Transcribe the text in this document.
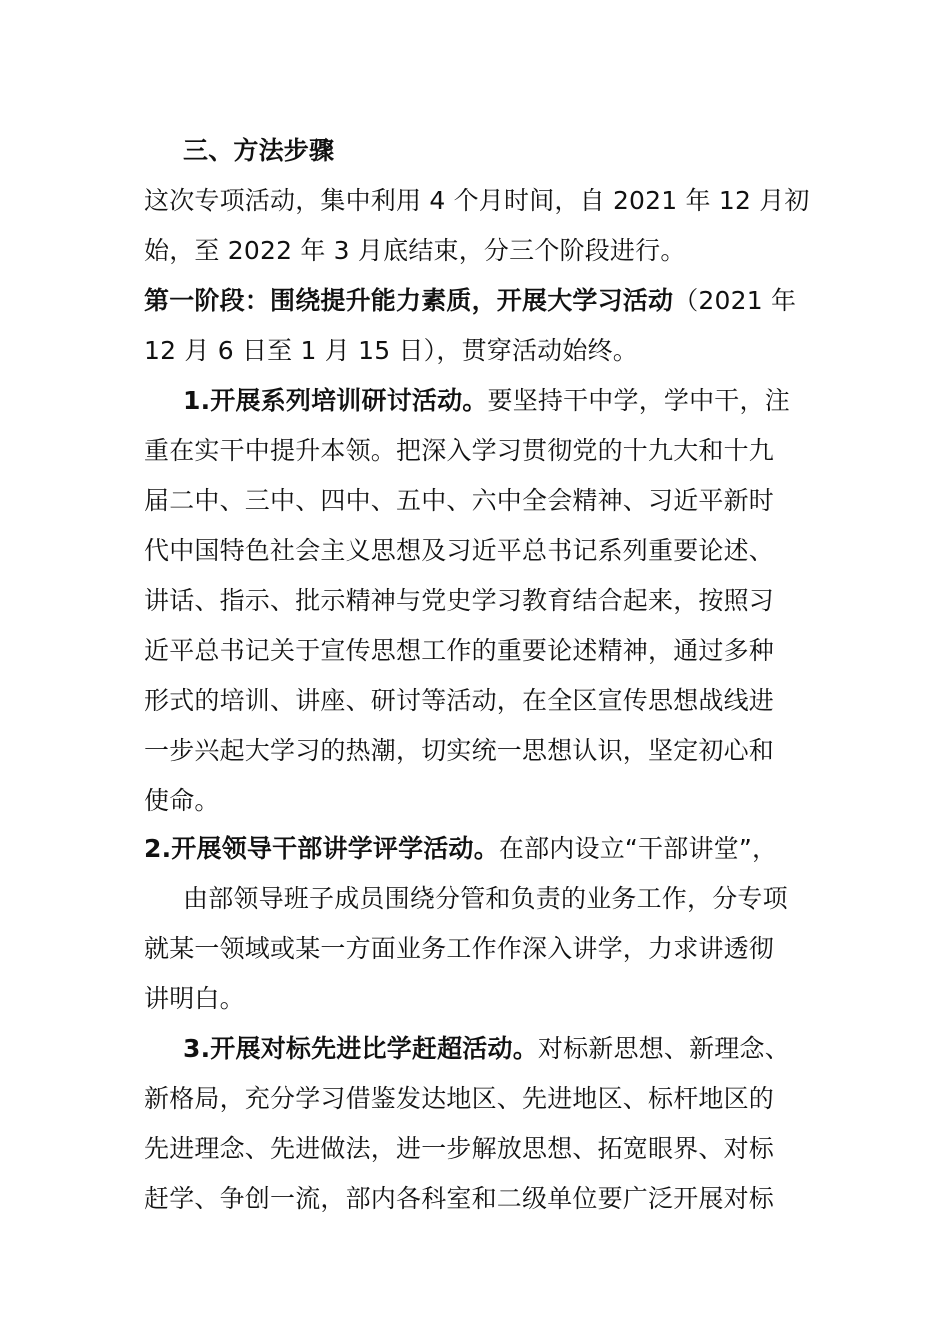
三、方法步骤
这次专项活动，集中利用 4 个月时间，自 2021 年 12 月初
始，至 2022 年 3 月底结束，分三个阶段进行。
第一阶段：围绕提升能力素质，开展大学习活动（2021 年
12 月 6 日至 1 月 15 日），贯穿活动始终。
1.开展系列培训研讨活动。要坚持干中学，学中干，注
重在实干中提升本领。把深入学习贯彻党的十九大和十九
届二中、三中、四中、五中、六中全会精神、习近平新时
代中国特色社会主义思想及习近平总书记系列重要论述、
讲话、指示、批示精神与党史学习教育结合起来，按照习
近平总书记关于宣传思想工作的重要论述精神，通过多种
形式的培训、讲座、研讨等活动，在全区宣传思想战线进
一步兴起大学习的热潮，切实统一思想认识，坚定初心和
使命。
2.开展领导干部讲学评学活动。在部内设立“干部讲堂”，
由部领导班子成员围绕分管和负责的业务工作，分专项
就某一领域或某一方面业务工作作深入讲学，力求讲透彻
讲明白。
3.开展对标先进比学赶超活动。对标新思想、新理念、
新格局，充分学习借鉴发达地区、先进地区、标杆地区的
先进理念、先进做法，进一步解放思想、拓宽眼界、对标
赶学、争创一流，部内各科室和二级单位要广泛开展对标
